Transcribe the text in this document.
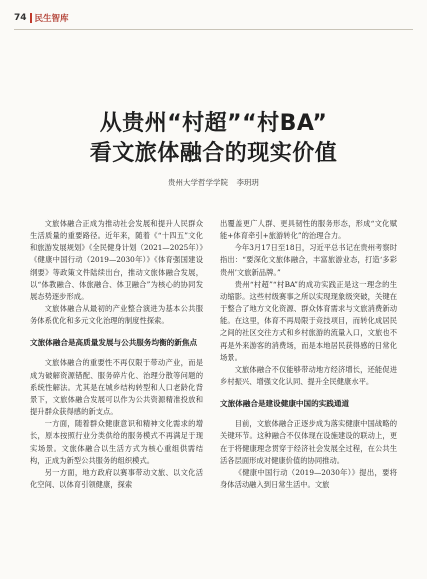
74 民生智库
从贵州“村超”“村BA”
看文旅体融合的现实价值
贵州大学哲学学院 李玥玥

文旅体融合正成为推动社会发展和提升人民群众生活质量的重要路径。近年来，随着《“十四五”文化和旅游发展规划》《全民健身计划（2021—2025年）》《健康中国行动（2019—2030年）》《体育强国建设纲要》等政策文件陆续出台，推动文旅体融合发展，以“体教融合、体旅融合、体卫融合”为核心的协同发展态势逐步形成。

文旅体融合从最初的产业整合演进为基本公共服务体系优化和多元文化治理的制度性探索。

文旅体融合是高质量发展与公共服务均衡的新焦点

文旅体融合的重要性不再仅限于带动产业，而是成为破解资源错配、服务碎片化、治理分散等问题的系统性解法。尤其是在城乡结构转型和人口老龄化背景下，文旅体融合发展可以作为公共资源精准投放和提升群众获得感的新支点。

一方面，随着群众健康意识和精神文化需求的增长，原本按照行业分类供给的服务模式不再满足于现实场景。文旅体融合以生活方式为核心重组供需结构，正成为新型公共服务的组织模式。

另一方面，地方政府以赛事带动文旅、以文化活化空间、以体育引领健康，探索

出覆盖更广人群、更具韧性的服务形态，形成“文化赋能+体育牵引+旅游转化”的治理合力。

今年3月17日至18日，习近平总书记在贵州考察时指出：“要深化文旅体融合，丰富旅游业态，打造‘多彩贵州’文旅新品牌。”

贵州“村超”“村BA”的成功实践正是这一理念的生动缩影。这些村级赛事之所以实现现象级突破，关键在于整合了地方文化资源、群众体育需求与文旅消费新动能。在这里，体育不再局限于竞技项目，而转化成居民之间的社区交往方式和乡村旅游的流量入口，文旅也不再是外来游客的消费场，而是本地居民获得感的日常化场景。

文旅体融合不仅能够带动地方经济增长，还能促进乡村振兴、增强文化认同、提升全民健康水平。

文旅体融合是建设健康中国的实践通道

目前，文旅体融合正逐步成为落实健康中国战略的关键环节。这种融合不仅体现在设施建设的联动上，更在于将健康理念贯穿于经济社会发展全过程，在公共生活各层面形成对健康价值的协同推动。

《健康中国行动（2019—2030年）》提出，要将身体活动融入到日常生活中。文旅
